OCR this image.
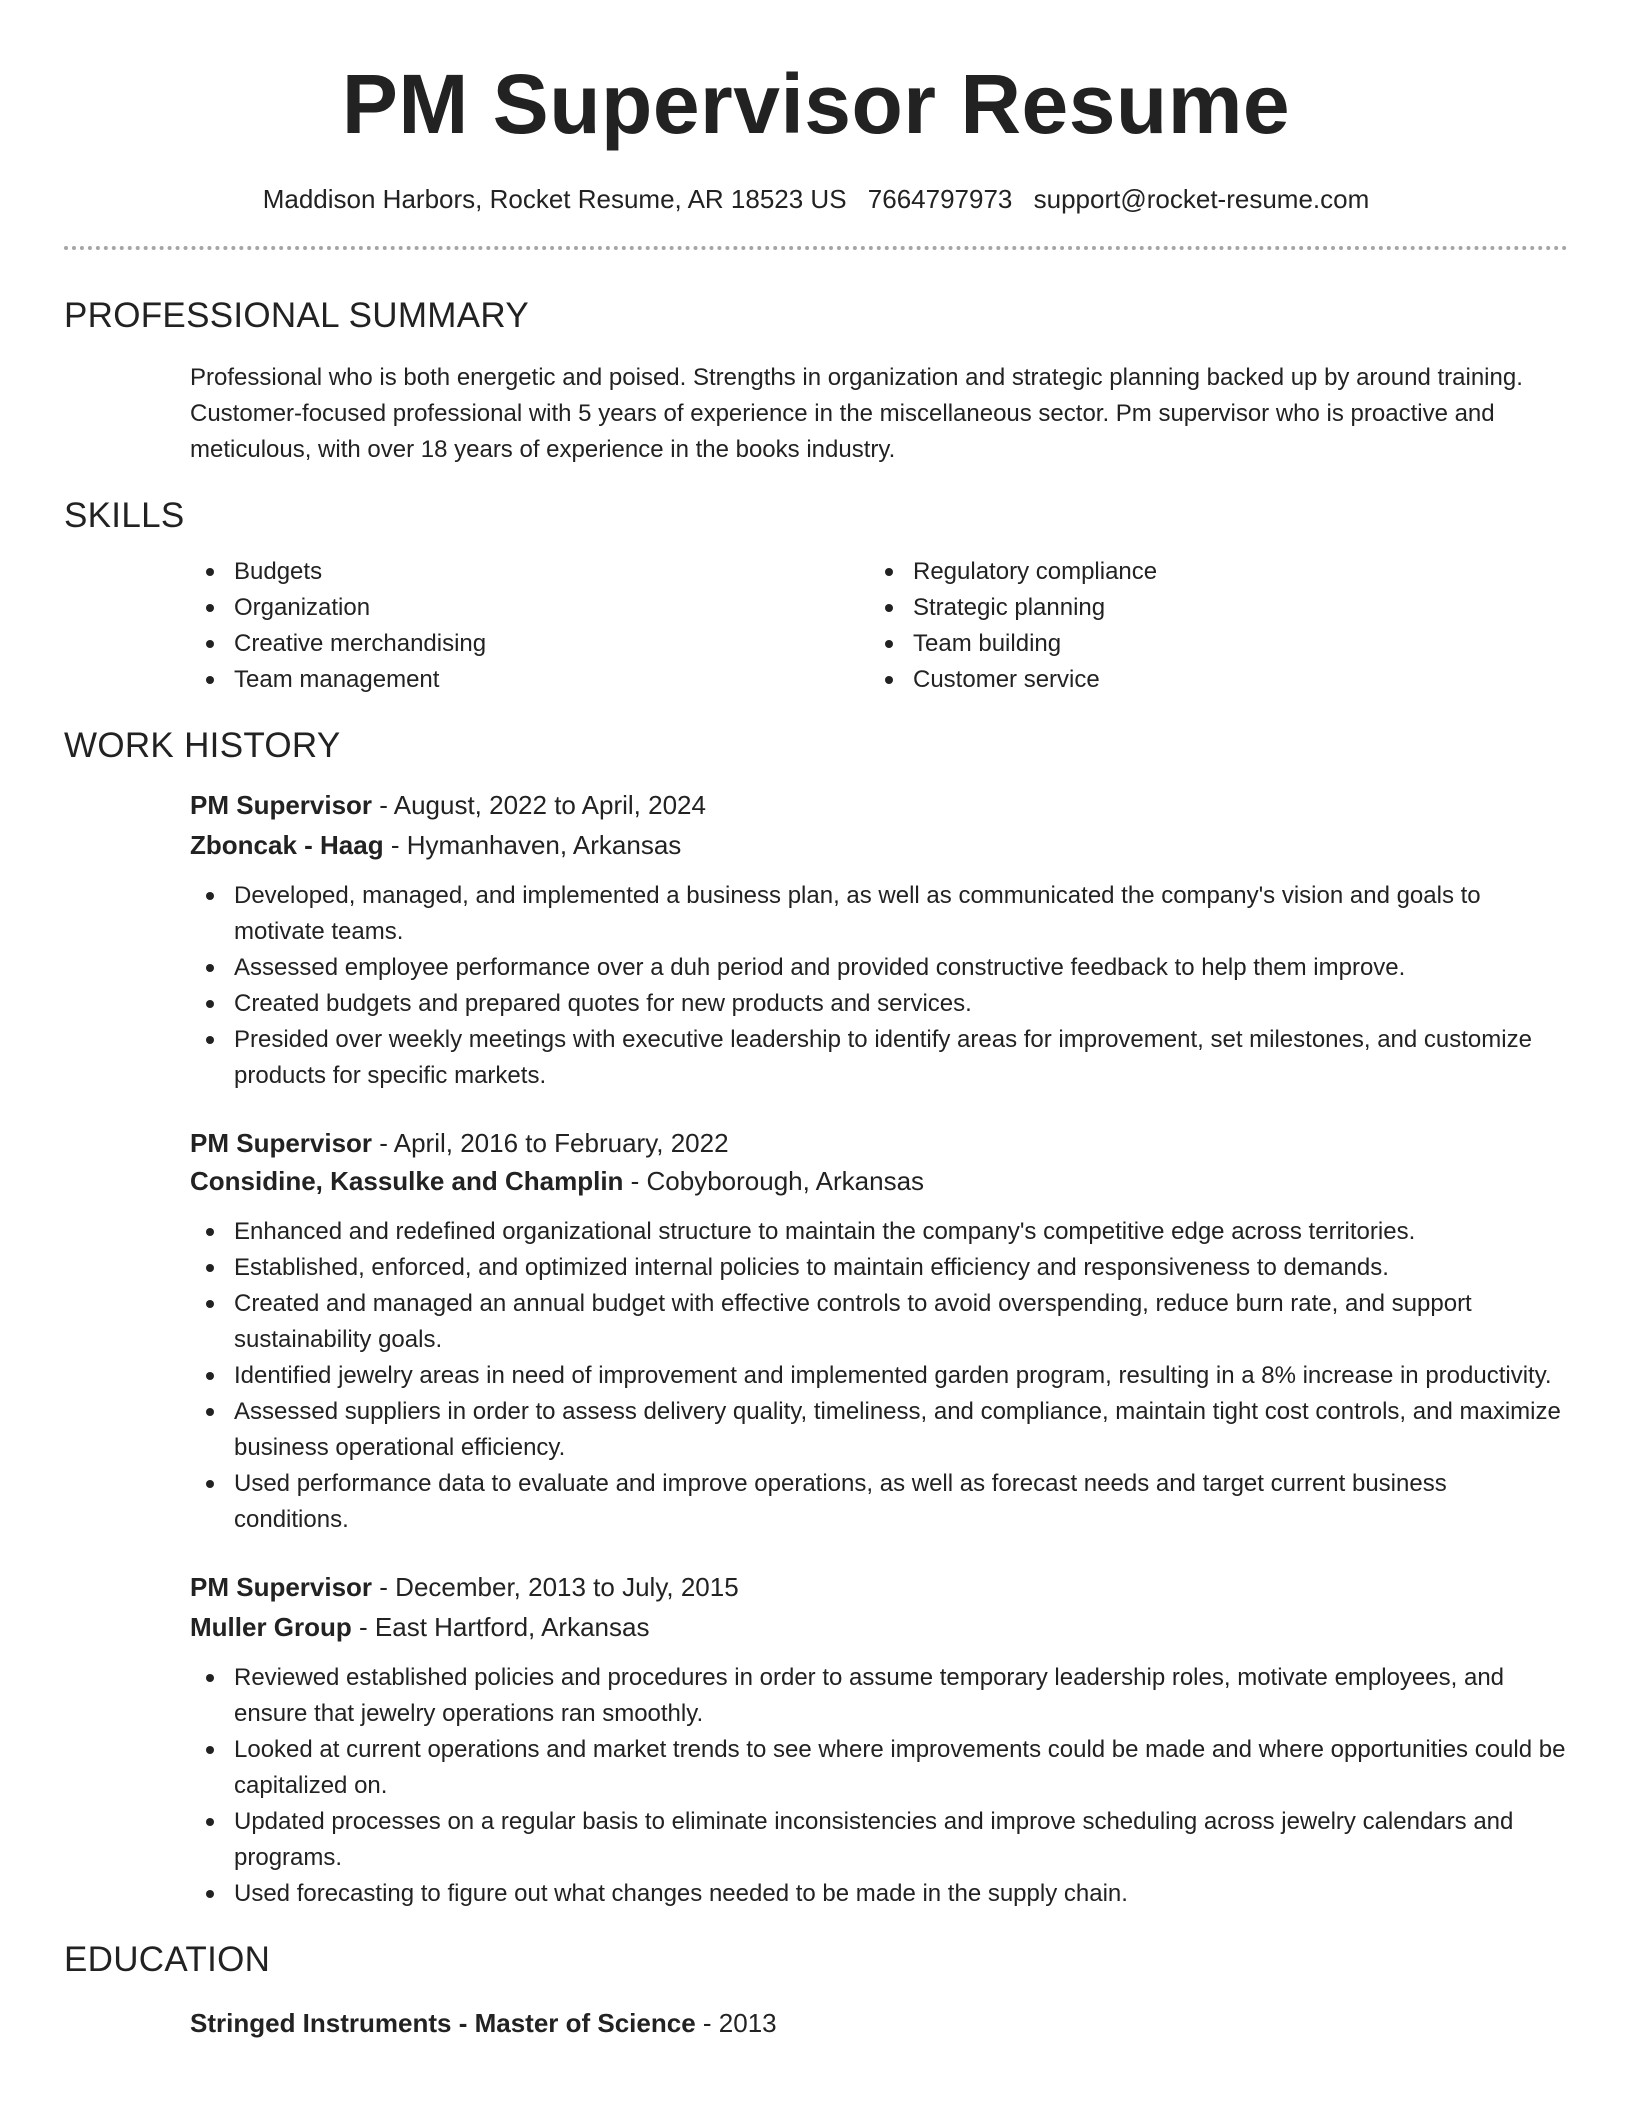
PM Supervisor Resume
Maddison Harbors, Rocket Resume, AR 18523 US 7664797973 support@rocket-resume.com
PROFESSIONAL SUMMARY

Professional who is both energetic and poised. Strengths in organization and strategic planning backed up by around training. Customer-focused professional with 5 years of experience in the miscellaneous sector. Pm supervisor who is proactive and meticulous, with over 18 years of experience in the books industry.

SKILLS
Budgets
Organization
Creative merchandising
Team management
Regulatory compliance
Strategic planning
Team building
Customer service
WORK HISTORY
PM Supervisor - August, 2022 to April, 2024
Zboncak - Haag - Hymanhaven, Arkansas
Developed, managed, and implemented a business plan, as well as communicated the company's vision and goals to motivate teams.
Assessed employee performance over a duh period and provided constructive feedback to help them improve.
Created budgets and prepared quotes for new products and services.
Presided over weekly meetings with executive leadership to identify areas for improvement, set milestones, and customize products for specific markets.
PM Supervisor - April, 2016 to February, 2022
Considine, Kassulke and Champlin - Cobyborough, Arkansas
Enhanced and redefined organizational structure to maintain the company's competitive edge across territories.
Established, enforced, and optimized internal policies to maintain efficiency and responsiveness to demands.
Created and managed an annual budget with effective controls to avoid overspending, reduce burn rate, and support sustainability goals.
Identified jewelry areas in need of improvement and implemented garden program, resulting in a 8% increase in productivity.
Assessed suppliers in order to assess delivery quality, timeliness, and compliance, maintain tight cost controls, and maximize business operational efficiency.
Used performance data to evaluate and improve operations, as well as forecast needs and target current business conditions.
PM Supervisor - December, 2013 to July, 2015
Muller Group - East Hartford, Arkansas
Reviewed established policies and procedures in order to assume temporary leadership roles, motivate employees, and ensure that jewelry operations ran smoothly.
Looked at current operations and market trends to see where improvements could be made and where opportunities could be capitalized on.
Updated processes on a regular basis to eliminate inconsistencies and improve scheduling across jewelry calendars and programs.
Used forecasting to figure out what changes needed to be made in the supply chain.
EDUCATION
Stringed Instruments - Master of Science - 2013
